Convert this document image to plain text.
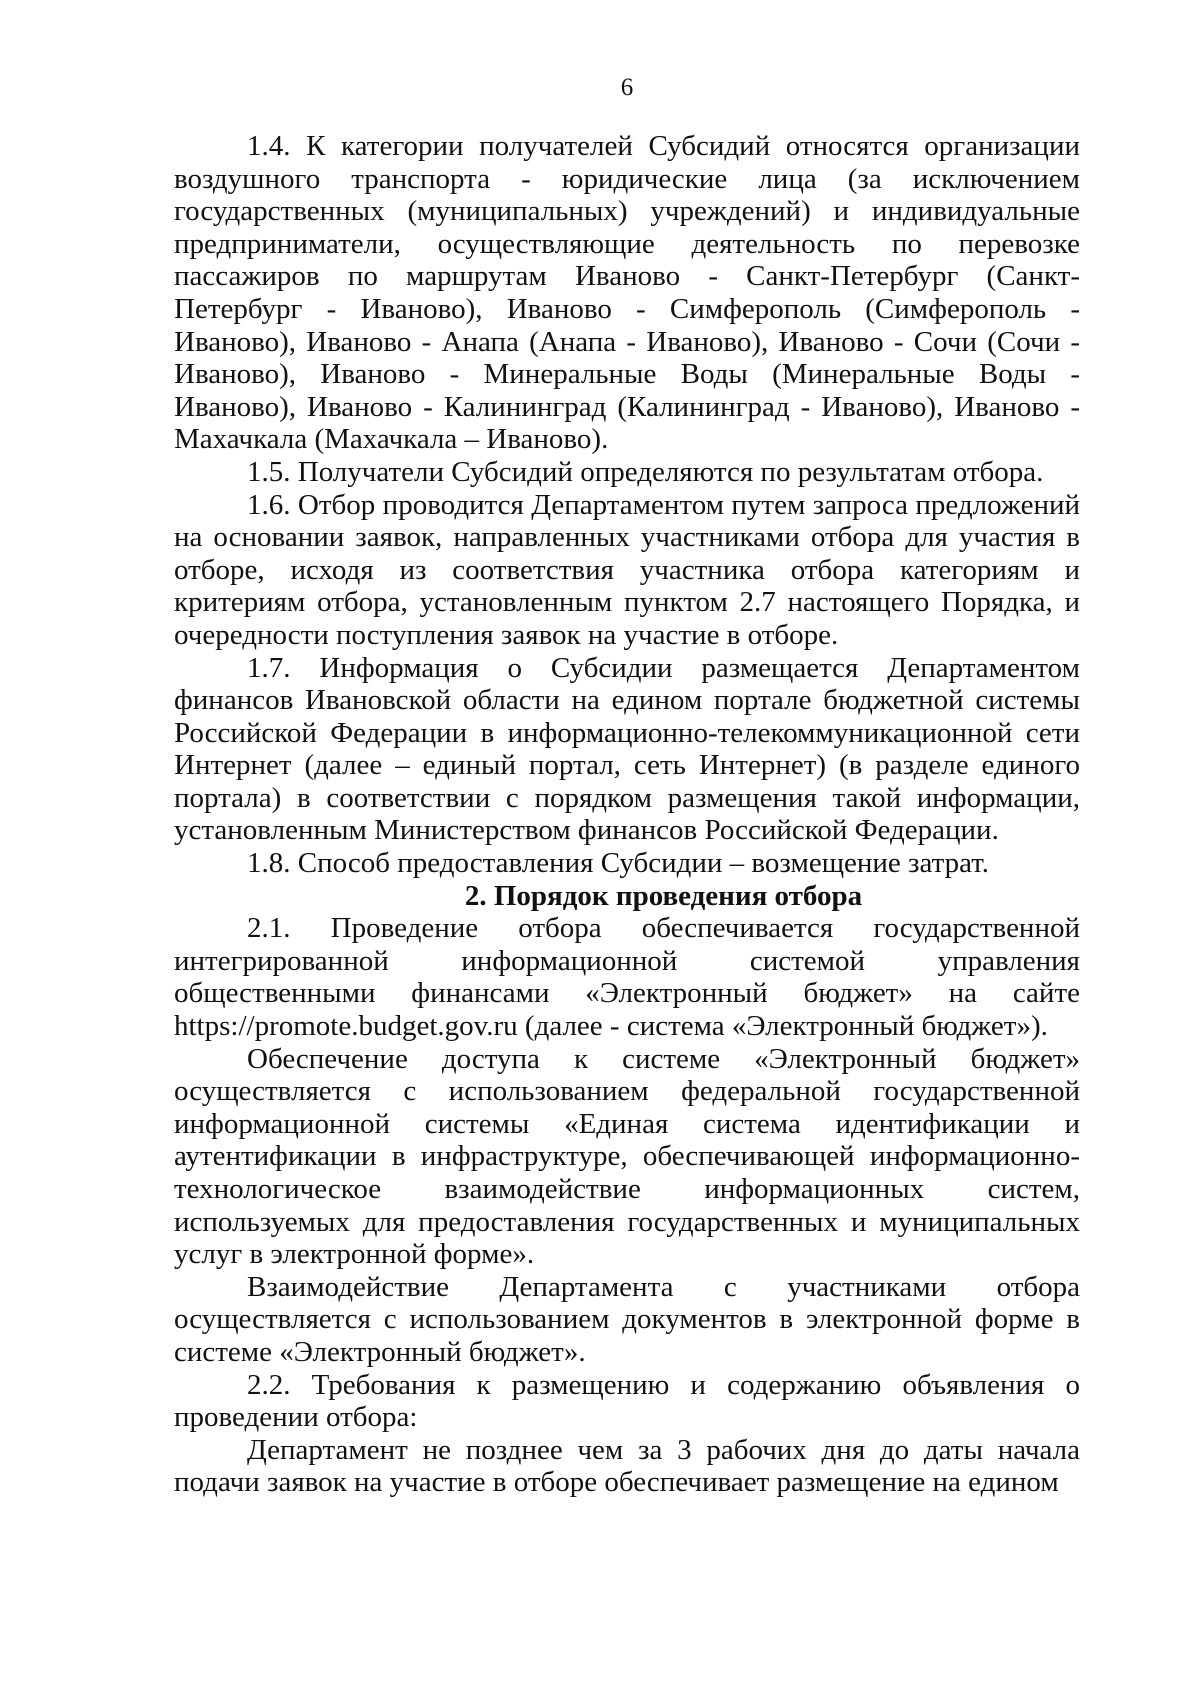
6

1.4. К категории получателей Субсидий относятся организации воздушного транспорта - юридические лица (за исключением государственных (муниципальных) учреждений) и индивидуальные предприниматели, осуществляющие деятельность по перевозке пассажиров по маршрутам Иваново - Санкт-Петербург (Санкт-Петербург - Иваново), Иваново - Симферополь (Симферополь - Иваново), Иваново - Анапа (Анапа - Иваново), Иваново - Сочи (Сочи - Иваново), Иваново - Минеральные Воды (Минеральные Воды - Иваново), Иваново - Калининград (Калининград - Иваново), Иваново - Махачкала (Махачкала – Иваново).

1.5. Получатели Субсидий определяются по результатам отбора.

1.6. Отбор проводится Департаментом путем запроса предложений на основании заявок, направленных участниками отбора для участия в отборе, исходя из соответствия участника отбора категориям и критериям отбора, установленным пунктом 2.7 настоящего Порядка, и очередности поступления заявок на участие в отборе.

1.7. Информация о Субсидии размещается Департаментом финансов Ивановской области на едином портале бюджетной системы Российской Федерации в информационно-телекоммуникационной сети Интернет (далее – единый портал, сеть Интернет) (в разделе единого портала) в соответствии с порядком размещения такой информации, установленным Министерством финансов Российской Федерации.

1.8. Способ предоставления Субсидии – возмещение затрат.

2. Порядок проведения отбора

2.1. Проведение отбора обеспечивается государственной интегрированной информационной системой управления общественными финансами «Электронный бюджет» на сайте https://promote.budget.gov.ru (далее - система «Электронный бюджет»).

Обеспечение доступа к системе «Электронный бюджет» осуществляется с использованием федеральной государственной информационной системы «Единая система идентификации и аутентификации в инфраструктуре, обеспечивающей информационно-технологическое взаимодействие информационных систем, используемых для предоставления государственных и муниципальных услуг в электронной форме».

Взаимодействие Департамента с участниками отбора осуществляется с использованием документов в электронной форме в системе «Электронный бюджет».

2.2. Требования к размещению и содержанию объявления о проведении отбора:

Департамент не позднее чем за 3 рабочих дня до даты начала подачи заявок на участие в отборе обеспечивает размещение на едином
